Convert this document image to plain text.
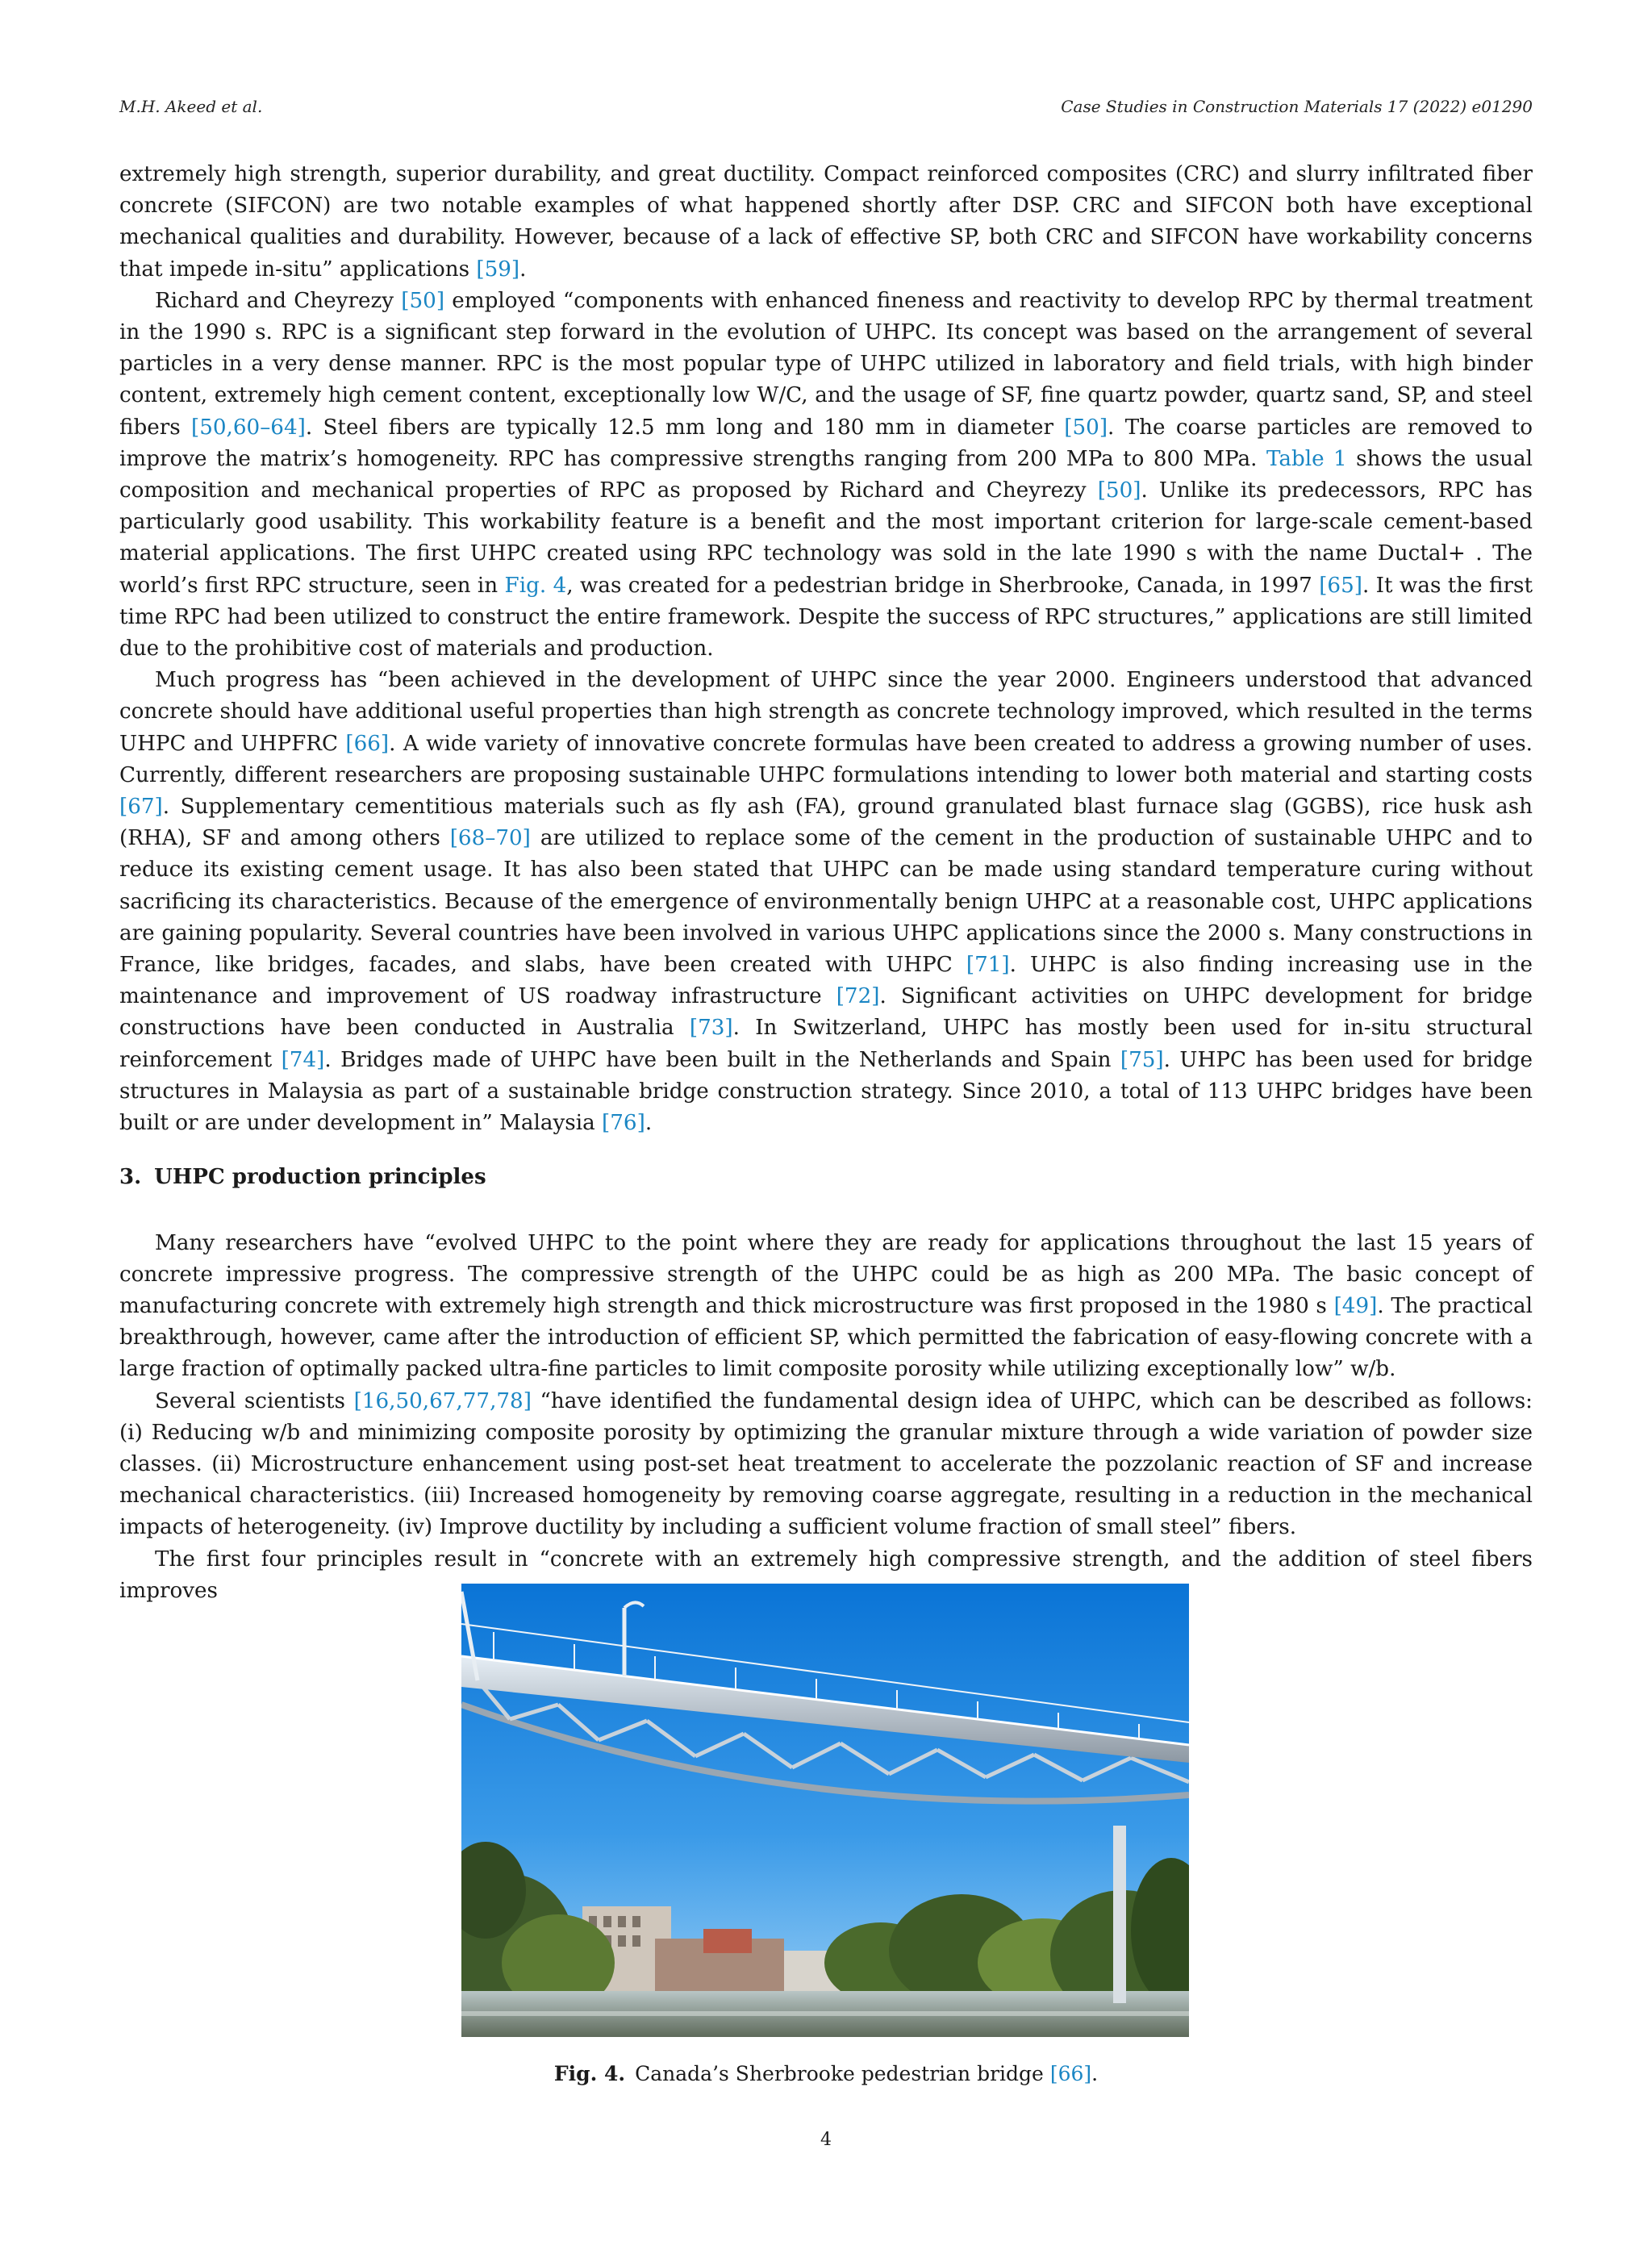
M.H. Akeed et al.	Case Studies in Construction Materials 17 (2022) e01290

extremely high strength, superior durability, and great ductility. Compact reinforced composites (CRC) and slurry infiltrated fiber concrete (SIFCON) are two notable examples of what happened shortly after DSP. CRC and SIFCON both have exceptional mechanical qualities and durability. However, because of a lack of effective SP, both CRC and SIFCON have workability concerns that impede in-situ” applications [59].

Richard and Cheyrezy [50] employed “components with enhanced fineness and reactivity to develop RPC by thermal treatment in the 1990 s. RPC is a significant step forward in the evolution of UHPC. Its concept was based on the arrangement of several particles in a very dense manner. RPC is the most popular type of UHPC utilized in laboratory and field trials, with high binder content, extremely high cement content, exceptionally low W/C, and the usage of SF, fine quartz powder, quartz sand, SP, and steel fibers [50,60–64]. Steel fibers are typically 12.5 mm long and 180 mm in diameter [50]. The coarse particles are removed to improve the matrix’s homogeneity. RPC has compressive strengths ranging from 200 MPa to 800 MPa. Table 1 shows the usual composition and mechanical properties of RPC as proposed by Richard and Cheyrezy [50]. Unlike its predecessors, RPC has particularly good usability. This workability feature is a benefit and the most important criterion for large-scale cement-based material applications. The first UHPC created using RPC technology was sold in the late 1990 s with the name Ductal+ . The world’s first RPC structure, seen in Fig. 4, was created for a pedestrian bridge in Sherbrooke, Canada, in 1997 [65]. It was the first time RPC had been utilized to construct the entire framework. Despite the success of RPC structures,” applications are still limited due to the prohibitive cost of materials and production.

Much progress has “been achieved in the development of UHPC since the year 2000. Engineers understood that advanced concrete should have additional useful properties than high strength as concrete technology improved, which resulted in the terms UHPC and UHPFRC [66]. A wide variety of innovative concrete formulas have been created to address a growing number of uses. Currently, different researchers are proposing sustainable UHPC formulations intending to lower both material and starting costs [67]. Supplementary cementitious materials such as fly ash (FA), ground granulated blast furnace slag (GGBS), rice husk ash (RHA), SF and among others [68–70] are utilized to replace some of the cement in the production of sustainable UHPC and to reduce its existing cement usage. It has also been stated that UHPC can be made using standard temperature curing without sacrificing its characteristics. Because of the emergence of environmentally benign UHPC at a reasonable cost, UHPC applications are gaining popularity. Several countries have been involved in various UHPC applications since the 2000 s. Many constructions in France, like bridges, facades, and slabs, have been created with UHPC [71]. UHPC is also finding increasing use in the maintenance and improvement of US roadway infrastructure [72]. Significant activities on UHPC development for bridge constructions have been conducted in Australia [73]. In Switzerland, UHPC has mostly been used for in-situ structural reinforcement [74]. Bridges made of UHPC have been built in the Netherlands and Spain [75]. UHPC has been used for bridge structures in Malaysia as part of a sustainable bridge construction strategy. Since 2010, a total of 113 UHPC bridges have been built or are under development in” Malaysia [76].

3. UHPC production principles

Many researchers have “evolved UHPC to the point where they are ready for applications throughout the last 15 years of concrete impressive progress. The compressive strength of the UHPC could be as high as 200 MPa. The basic concept of manufacturing concrete with extremely high strength and thick microstructure was first proposed in the 1980 s [49]. The practical breakthrough, however, came after the introduction of efficient SP, which permitted the fabrication of easy-flowing concrete with a large fraction of optimally packed ultra-fine particles to limit composite porosity while utilizing exceptionally low” w/b.

Several scientists [16,50,67,77,78] “have identified the fundamental design idea of UHPC, which can be described as follows: (i) Reducing w/b and minimizing composite porosity by optimizing the granular mixture through a wide variation of powder size classes. (ii) Microstructure enhancement using post-set heat treatment to accelerate the pozzolanic reaction of SF and increase mechanical characteristics. (iii) Increased homogeneity by removing coarse aggregate, resulting in a reduction in the mechanical impacts of heterogeneity. (iv) Improve ductility by including a sufficient volume fraction of small steel” fibers.

The first four principles result in “concrete with an extremely high compressive strength, and the addition of steel fibers improves

Fig. 4. Canada’s Sherbrooke pedestrian bridge [66].
4
